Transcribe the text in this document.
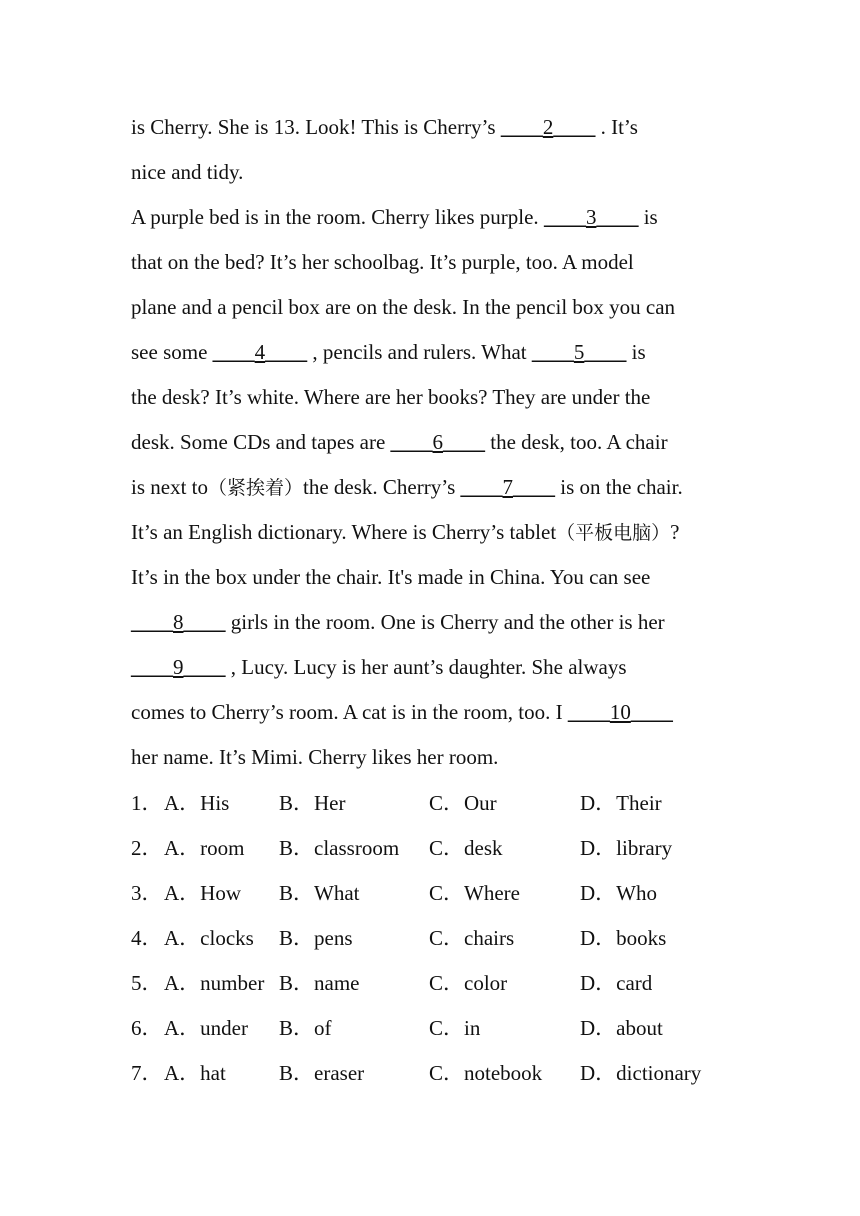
is Cherry. She is 13. Look! This is Cherry’s ____2____ . It’s
nice and tidy.
A purple bed is in the room. Cherry likes purple. ____3____ is
that on the bed? It’s her schoolbag. It’s purple, too. A model
plane and a pencil box are on the desk. In the pencil box you can
see some ____4____ , pencils and rulers. What ____5____ is
the desk? It’s white. Where are her books? They are under the
desk. Some CDs and tapes are ____6____ the desk, too. A chair
is next to（紧挨着）the desk. Cherry’s ____7____ is on the chair.
It’s an English dictionary. Where is Cherry’s tablet（平板电脑）?
It’s in the box under the chair. It's made in China. You can see
____8____ girls in the room. One is Cherry and the other is her
____9____ , Lucy. Lucy is her aunt’s daughter. She always
comes to Cherry’s room. A cat is in the room, too. I ____10____
her name. It’s Mimi. Cherry likes her room.
1． A．His B．Her	C．Our	D．Their
2． A．room B．classroom C．desk	D．library
3． A．How B．What	C．Where	D．Who
4． A．clocks B．pens	C．chairs	D．books
5． A．number B．name	C．color	D．card
6． A．under B．of	C．in	D．about
7． A．hat	B．eraser	C．notebook D．dictionary
